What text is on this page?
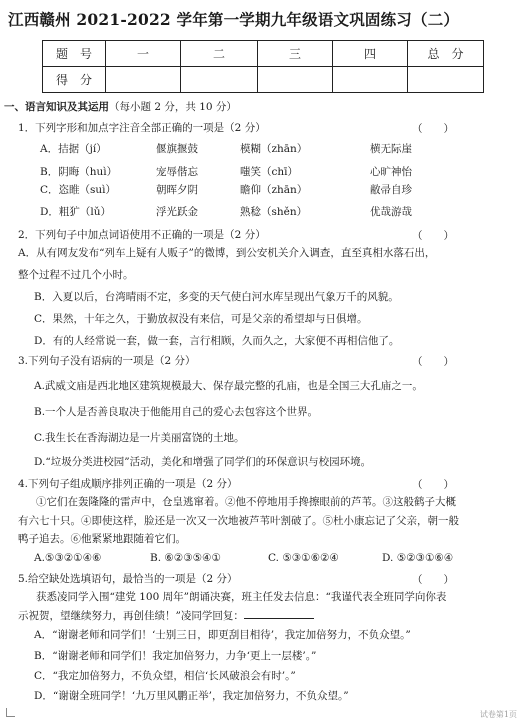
江西赣州 2021-2022 学年第一学期九年级语文巩固练习（二）
题　号	一	二	三	四	总　分
得　分					
一、语言知识及其运用（每小题 2 分，共 10 分）
1．下列字形和加点字注音全部正确的一项是（2 分）	（　　）
A．拮据（jí）	偃旗揠鼓	模糊（zhān）	横无际崖
B．阴晦（huì）	宠辱偕忘	嗤笑（chī）	心旷神怡
C．恣睢（suì）	朝晖夕阴	瞻仰（zhān）	敝帚自珍
D．粗犷（lǔ）	浮光跃金	熟稔（shěn）	优哉游哉
2．下列句子中加点词语使用不正确的一项是（2 分）	（　　）
A．从有网友发布“列车上疑有人贩子”的微博，到公安机关介入调查，直至真相水落石出，
整个过程不过几个小时。
B．入夏以后，台湾晴雨不定，多变的天气使白河水库呈现出气象万千的风貌。
C．果然，十年之久，于勤放叔没有来信，可是父亲的希望却与日俱增。
D．有的人经常说一套，做一套，言行相顾，久而久之，大家便不再相信他了。
3.下列句子没有语病的一项是（2 分）	（　　）
A.武威文庙是西北地区建筑规模最大、保存最完整的孔庙，也是全国三大孔庙之一。
B.一个人是否善良取决于他能用自己的爱心去包容这个世界。
C.我生长在香海湖边是一片美丽富饶的土地。
D.“垃圾分类进校园”活动，美化和增强了同学们的环保意识与校园环境。
4.下列句子组成顺序排列正确的一项是（2 分）	（　　）
①它们在轰隆隆的雷声中，仓皇逃窜着。②他不停地用手搀擦眼前的芦苇。③这般鹤子大概
有六七十只。④即使这样，脸还是一次又一次地被芦苇叶割破了。⑤杜小康忘记了父亲，朝一般
鸭子追去。⑥他紧紧地跟随着它们。
A.⑤③②①④⑥	B. ⑥②③⑤④①	C. ⑤③①⑥②④	D. ⑤②③①⑥④
5.给空缺处选填语句，最恰当的一项是（2 分）	（　　）
获悉凌同学入围“建党 100 周年”朗诵决赛，班主任发去信息：“我谨代表全班同学向你表
示祝贺，望继续努力，再创佳绩！”凌同学回复：
A．“谢谢老师和同学们！‘士别三日，即更刮目相待’，我定加倍努力，不负众望。”
B．“谢谢老师和同学们！我定加倍努力，力争‘更上一层楼’。”
C．“我定加倍努力，不负众望，相信‘长风破浪会有时’。”
D．“谢谢全班同学！‘九万里风鹏正举’，我定加倍努力，不负众望。”
试卷第1页
